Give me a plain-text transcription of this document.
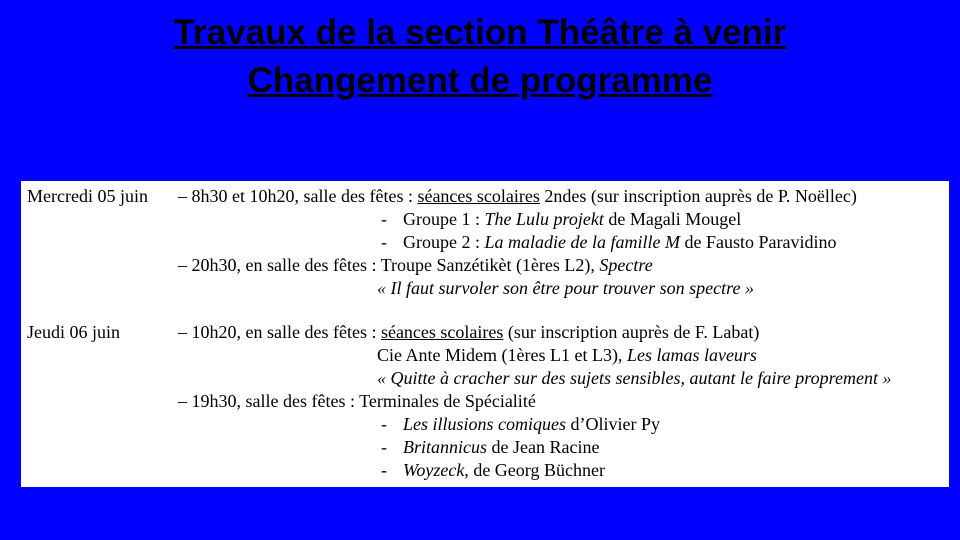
Travaux de la section Théâtre à venir
Changement de programme
Mercredi 05 juin – 8h30 et 10h20, salle des fêtes : séances scolaires 2ndes (sur inscription auprès de P. Noëllec)
- Groupe 1 : The Lulu projekt de Magali Mougel
- Groupe 2 : La maladie de la famille M de Fausto Paravidino
– 20h30, en salle des fêtes : Troupe Sanzétikèt (1ères L2), Spectre
« Il faut survoler son être pour trouver son spectre »
Jeudi 06 juin	– 10h20, en salle des fêtes : séances scolaires (sur inscription auprès de F. Labat)
Cie Ante Midem (1ères L1 et L3), Les lamas laveurs
« Quitte à cracher sur des sujets sensibles, autant le faire proprement »
– 19h30, salle des fêtes : Terminales de Spécialité
- Les illusions comiques d’Olivier Py
- Britannicus de Jean Racine
- Woyzeck, de Georg Büchner
